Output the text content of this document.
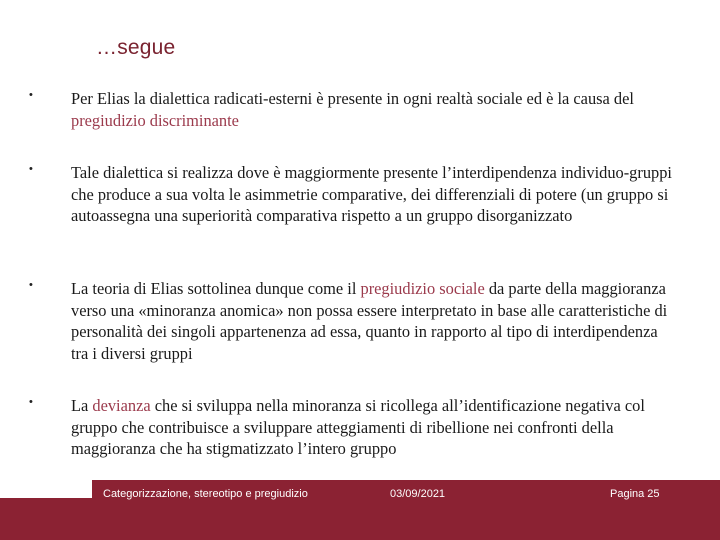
…segue
• Per Elias la dialettica radicati-esterni è presente in ogni realtà sociale ed è la causa del pregiudizio discriminante
• Tale dialettica si realizza dove è maggiormente presente l’interdipendenza individuo-gruppi che produce a sua volta le asimmetrie comparative, dei differenziali di potere (un gruppo si autoassegna una superiorità comparativa rispetto a un gruppo disorganizzato
• La teoria di Elias sottolinea dunque come il pregiudizio sociale da parte della maggioranza verso una «minoranza anomica» non possa essere interpretato in base alle caratteristiche di personalità dei singoli appartenenza ad essa, quanto in rapporto al tipo di interdipendenza tra i diversi gruppi
• La devianza che si sviluppa nella minoranza si ricollega all’identificazione negativa col gruppo che contribuisce a sviluppare atteggiamenti di ribellione nei confronti della maggioranza che ha stigmatizzato l’intero gruppo
Categorizzazione, stereotipo e pregiudizio	03/09/2021	Pagina 25
